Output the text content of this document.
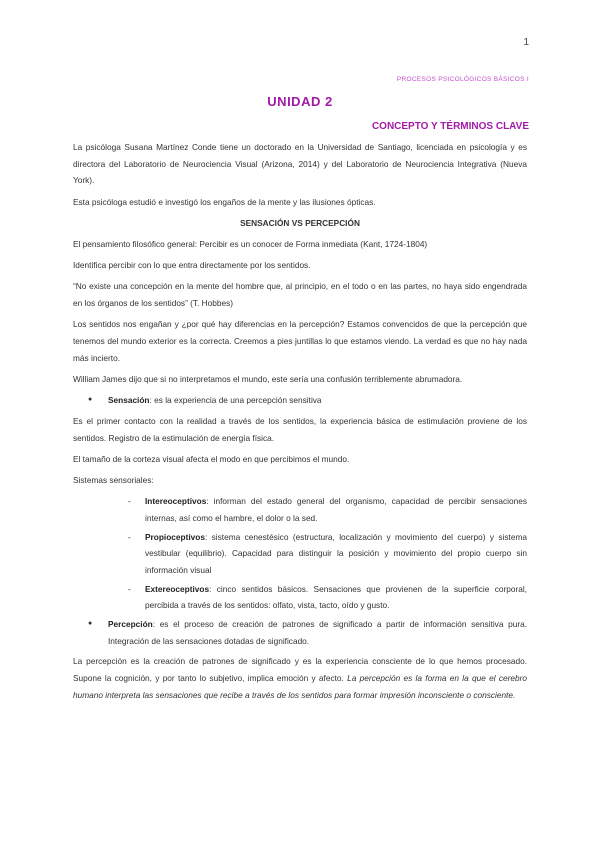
1
PROCESOS PSICOLÓGICOS BÁSICOS I
UNIDAD 2
CONCEPTO Y TÉRMINOS CLAVE

La psicóloga Susana Martínez Conde tiene un doctorado en la Universidad de Santiago, licenciada en psicología y es directora del Laboratorio de Neurociencia Visual (Arizona, 2014) y del Laboratorio de Neurociencia Integrativa (Nueva York).

Esta psicóloga estudió e investigó los engaños de la mente y las ilusiones ópticas.

SENSACIÓN VS PERCEPCIÓN

El pensamiento filosófico general: Percibir es un conocer de Forma inmediata (Kant, 1724-1804)

Identifica percibir con lo que entra directamente por los sentidos.

“No existe una concepción en la mente del hombre que, al principio, en el todo o en las partes, no haya sido engendrada en los órganos de los sentidos” (T. Hobbes)

Los sentidos nos engañan y ¿por qué hay diferencias en la percepción? Estamos convencidos de que la percepción que tenemos del mundo exterior es la correcta. Creemos a pies juntillas lo que estamos viendo. La verdad es que no hay nada más incierto.

William James dijo que si no interpretamos el mundo, este sería una confusión terriblemente abrumadora.

● Sensación: es la experiencia de una percepción sensitiva

Es el primer contacto con la realidad a través de los sentidos, la experiencia básica de estimulación proviene de los sentidos. Registro de la estimulación de energía física.

El tamaño de la corteza visual afecta el modo en que percibimos el mundo.

Sistemas sensoriales:

- Intereoceptivos: informan del estado general del organismo, capacidad de percibir sensaciones internas, así como el hambre, el dolor o la sed.
- Propioceptivos: sistema cenestésico (estructura, localización y movimiento del cuerpo) y sistema vestibular (equilibrio). Capacidad para distinguir la posición y movimiento del propio cuerpo sin información visual
- Extereoceptivos: cinco sentidos básicos. Sensaciones que provienen de la superficie corporal, percibida a través de los sentidos: olfato, vista, tacto, oído y gusto.
● Percepción: es el proceso de creación de patrones de significado a partir de información sensitiva pura. Integración de las sensaciones dotadas de significado.

La percepción es la creación de patrones de significado y es la experiencia consciente de lo que hemos procesado. Supone la cognición, y por tanto lo subjetivo, implica emoción y afecto. La percepción es la forma en la que el cerebro humano interpreta las sensaciones que recibe a través de los sentidos para formar impresión inconsciente o consciente.
